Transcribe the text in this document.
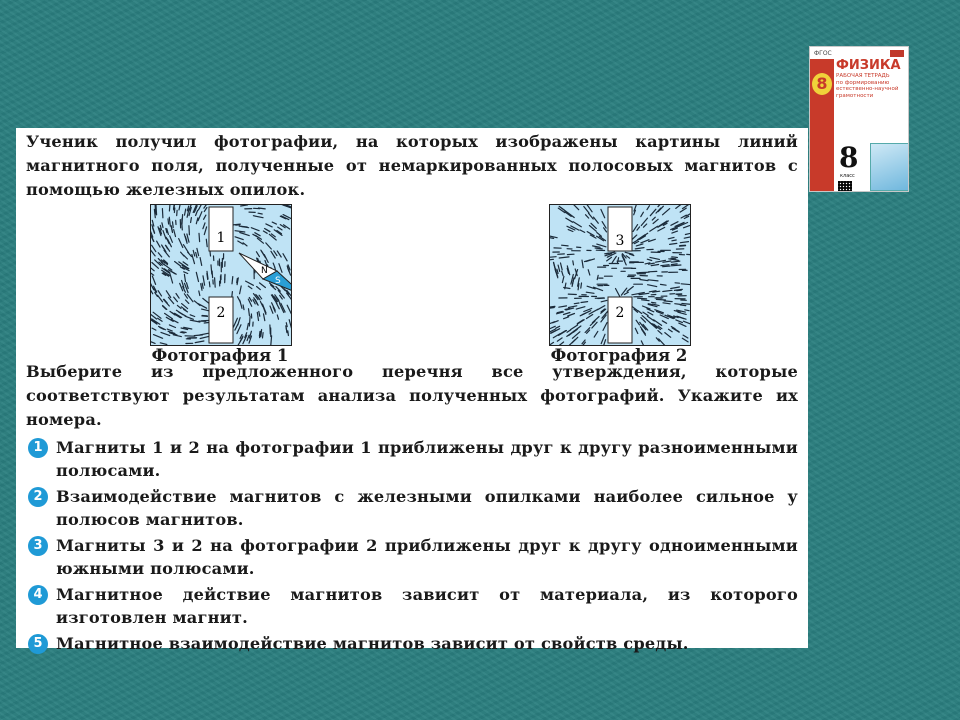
Ученик получил фотографии, на которых изображены картины линий магнитного поля, полученные от немаркированных полосовых магнитов с помощью железных опилок.

1
2
N
S
Фотография 1
3
2
Фотография 2

Выберите из предложенного перечня все утверждения, которые соответствуют результатам анализа полученных фотографий. Укажите их номера.

1 Магниты 1 и 2 на фотографии 1 приближены друг к другу разноименными полюсами.
2 Взаимодействие магнитов с железными опилками наиболее сильное у полюсов магнитов.
3 Магниты 3 и 2 на фотографии 2 приближены друг к другу одноименными южными полюсами.
4 Магнитное действие магнитов зависит от материала, из которого изготовлен магнит.
5 Магнитное взаимодействие магнитов зависит от свойств среды.
ФГОС
8
ФИЗИКА
РАБОЧАЯ ТЕТРАДЬ
по формированию
естественно-научной
грамотности
8
класс
